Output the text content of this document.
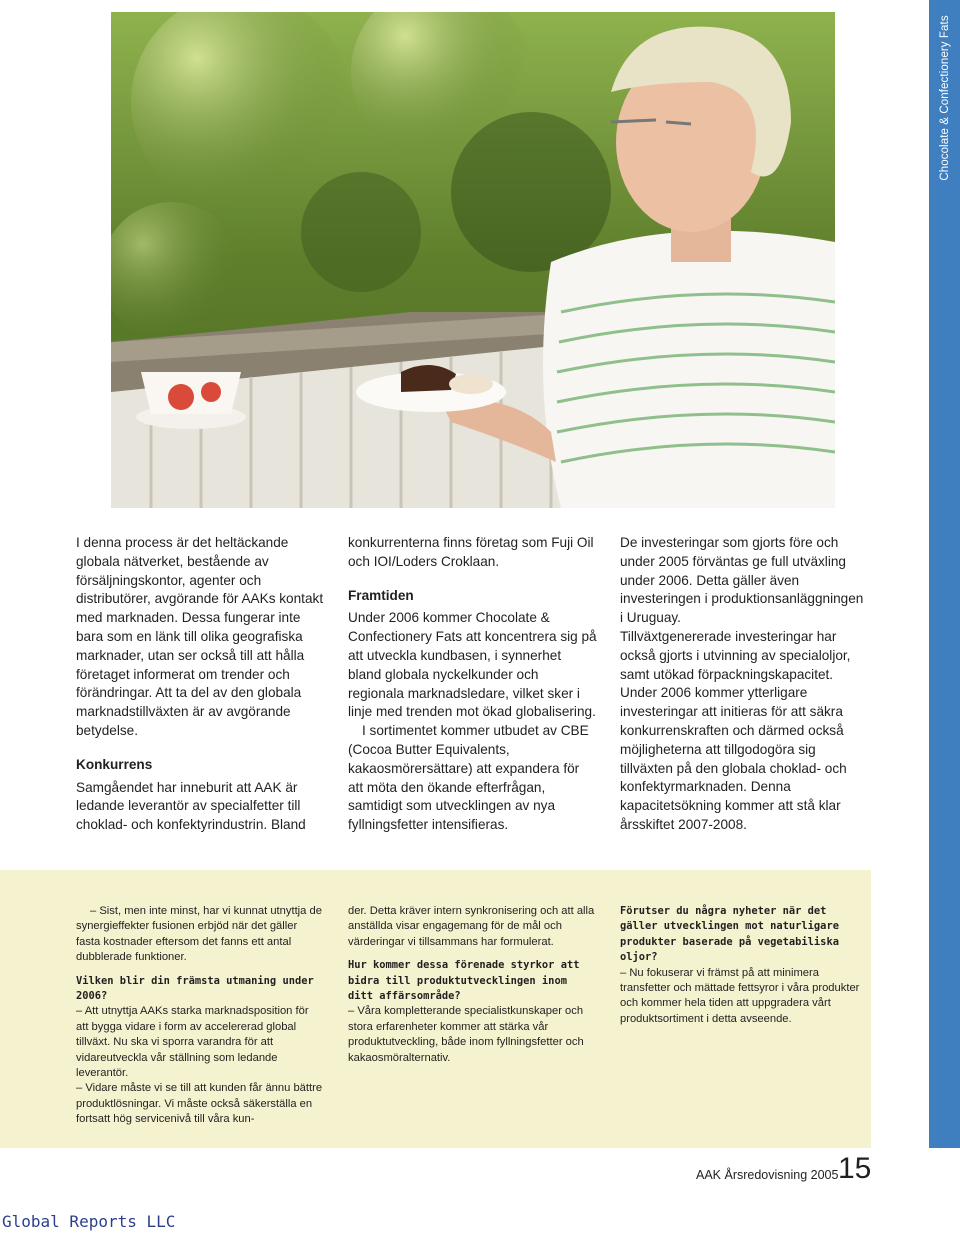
Chocolate & Confectionery Fats

I denna process är det heltäckande globala nätverket, bestående av försäljningskontor, agenter och distributörer, avgörande för AAKs kontakt med marknaden. Dessa fungerar inte bara som en länk till olika geografiska marknader, utan ser också till att hålla företaget informerat om trender och förändringar. Att ta del av den globala marknadstillväxten är av avgörande betydelse.

Konkurrens

Samgåendet har inneburit att AAK är ledande leverantör av specialfetter till choklad- och konfektyrindustrin. Bland

konkurrenterna finns företag som Fuji Oil och IOI/Loders Croklaan.

Framtiden

Under 2006 kommer Chocolate & Confectionery Fats att koncentrera sig på att utveckla kundbasen, i synnerhet bland globala nyckelkunder och regionala marknadsledare, vilket sker i linje med trenden mot ökad globalisering.

I sortimentet kommer utbudet av CBE (Cocoa Butter Equivalents, kakaosmörersättare) att expandera för att möta den ökande efterfrågan, samtidigt som utvecklingen av nya fyllningsfetter intensifieras.

De investeringar som gjorts före och under 2005 förväntas ge full utväxling under 2006. Detta gäller även investeringen i produktionsanläggningen i Uruguay.

Tillväxtgenererade investeringar har också gjorts i utvinning av specialoljor, samt utökad förpackningskapacitet. Under 2006 kommer ytterligare investeringar att initieras för att säkra konkurrenskraften och därmed också möjligheterna att tillgodogöra sig tillväxten på den globala choklad- och konfektyrmarknaden. Denna kapacitetsökning kommer att stå klar årsskiftet 2007-2008.

– Sist, men inte minst, har vi kunnat utnyttja de synergieffekter fusionen erbjöd när det gäller fasta kostnader eftersom det fanns ett antal dubblerade funktioner.

Vilken blir din främsta utmaning under 2006?

– Att utnyttja AAKs starka marknadsposition för att bygga vidare i form av accelererad global tillväxt. Nu ska vi sporra varandra för att vidareutveckla vår ställning som ledande leverantör.

– Vidare måste vi se till att kunden får ännu bättre produktlösningar. Vi måste också säkerställa en fortsatt hög servicenivå till våra kun-

der. Detta kräver intern synkronisering och att alla anställda visar engagemang för de mål och värderingar vi tillsammans har formulerat.

Hur kommer dessa förenade styrkor att bidra till produktutvecklingen inom ditt affärsområde?

– Våra kompletterande specialistkunskaper och stora erfarenheter kommer att stärka vår produktutveckling, både inom fyllningsfetter och kakaosmöralternativ.

Förutser du några nyheter när det gäller utvecklingen mot naturligare produkter baserade på vegetabiliska oljor?

– Nu fokuserar vi främst på att minimera transfetter och mättade fettsyror i våra produkter och kommer hela tiden att uppgradera vårt produktsortiment i detta avseende.

AAK Årsredovisning 2005 15
Global Reports LLC
